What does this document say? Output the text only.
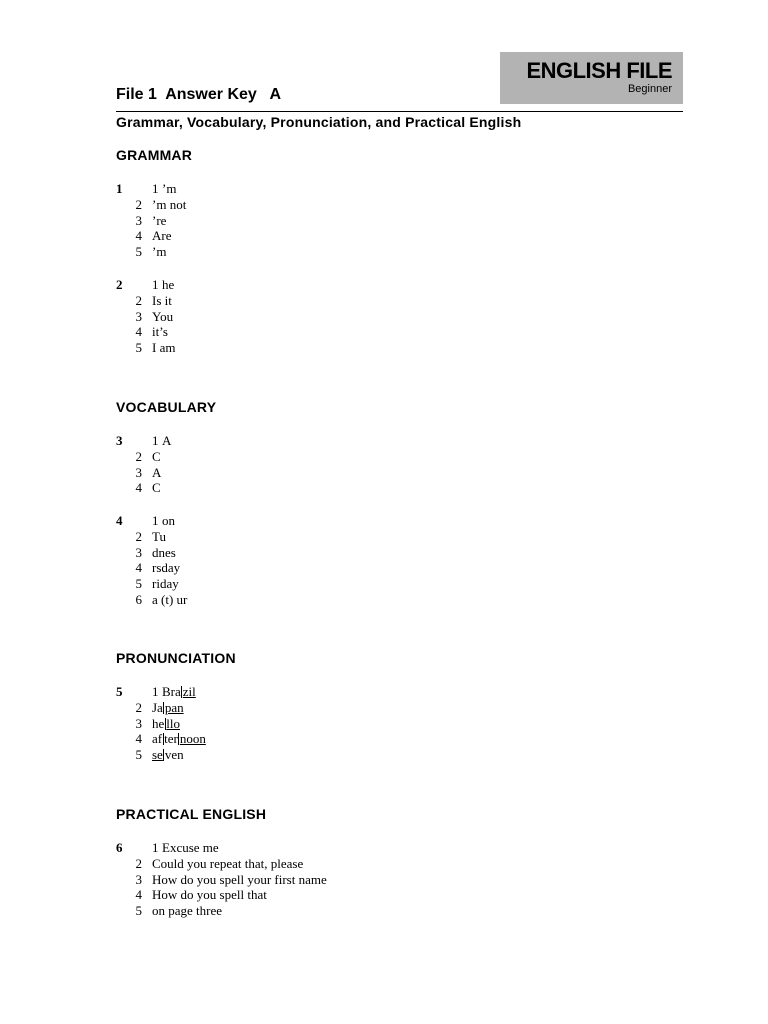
ENGLISH FILE
Beginner
File 1  Answer Key   A
Grammar, Vocabulary, Pronunciation, and Practical English
GRAMMAR
1 1 ’m
2 ’m not
3 ’re
4 Are
5 ’m
2 1 he
2 Is it
3 You
4 it’s
5 I am
VOCABULARY
3 1 A
2 C
3 A
4 C
4 1 on
2 Tu
3 dnes
4 rsday
5 riday
6 a (t) ur
PRONUNCIATION
5 1 Bra zil
2 Ja pan
3 he llo
4 af ter noon
5 se ven
PRACTICAL ENGLISH
6 1 Excuse me
2 Could you repeat that, please
3 How do you spell your first name
4 How do you spell that
5 on page three
